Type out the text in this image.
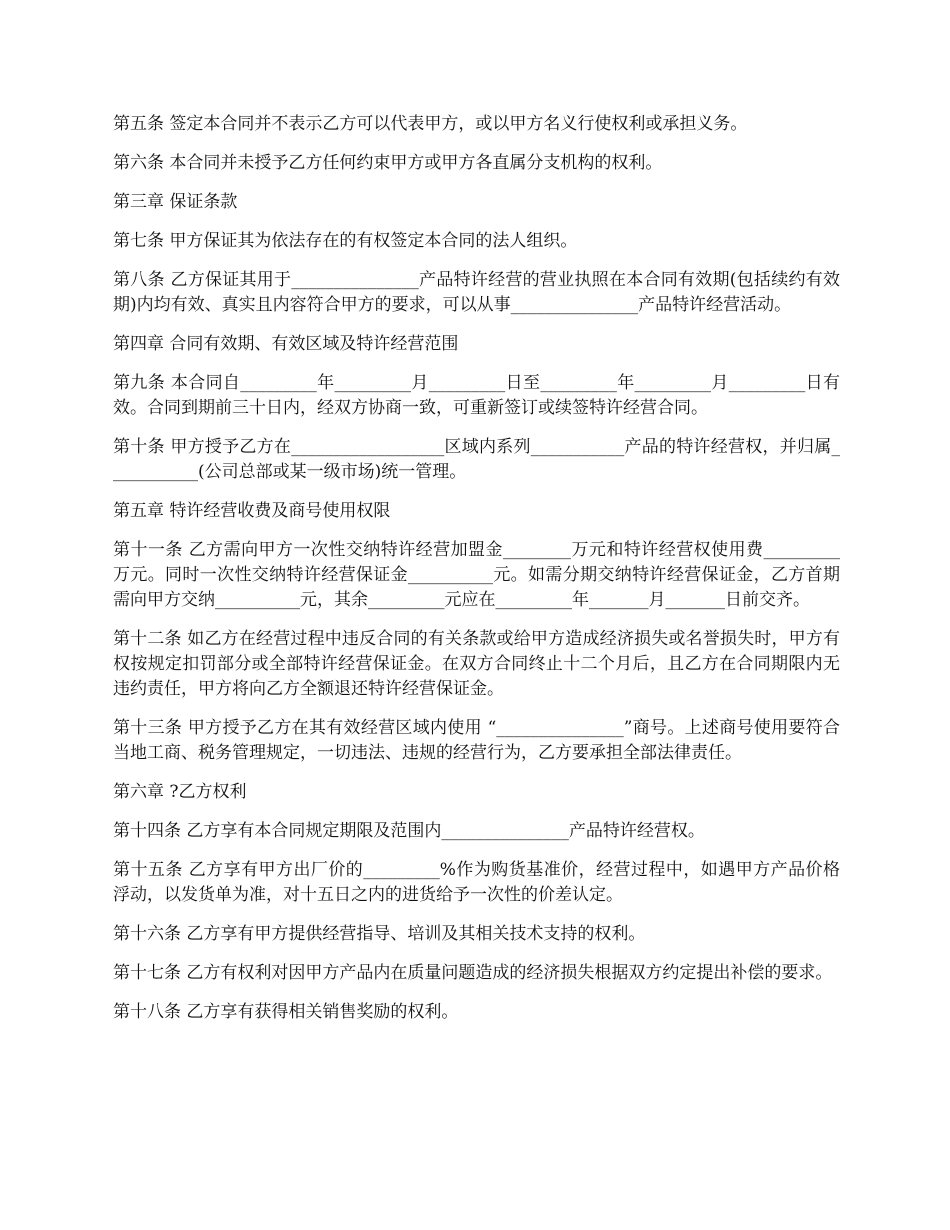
第五条 签定本合同并不表示乙方可以代表甲方，或以甲方名义行使权利或承担义务。

第六条 本合同并未授予乙方任何约束甲方或甲方各直属分支机构的权利。

第三章 保证条款

第七条 甲方保证其为依法存在的有权签定本合同的法人组织。

第八条 乙方保证其用于_______________产品特许经营的营业执照在本合同有效期(包括续约有效期)内均有效、真实且内容符合甲方的要求，可以从事_______________产品特许经营活动。

第四章 合同有效期、有效区域及特许经营范围

第九条 本合同自_________年_________月_________日至_________年_________月_________日有效。合同到期前三十日内，经双方协商一致，可重新签订或续签特许经营合同。

第十条 甲方授予乙方在__________________区域内系列___________产品的特许经营权，并归属___________(公司总部或某一级市场)统一管理。

第五章 特许经营收费及商号使用权限

第十一条 乙方需向甲方一次性交纳特许经营加盟金________万元和特许经营权使用费_________万元。同时一次性交纳特许经营保证金__________元。如需分期交纳特许经营保证金，乙方首期需向甲方交纳__________元，其余_________元应在_________年_______月_______日前交齐。

第十二条 如乙方在经营过程中违反合同的有关条款或给甲方造成经济损失或名誉损失时，甲方有权按规定扣罚部分或全部特许经营保证金。在双方合同终止十二个月后，且乙方在合同期限内无违约责任，甲方将向乙方全额退还特许经营保证金。

第十三条 甲方授予乙方在其有效经营区域内使用 “_______________”商号。上述商号使用要符合当地工商、税务管理规定，一切违法、违规的经营行为，乙方要承担全部法律责任。

第六章 ?乙方权利

第十四条 乙方享有本合同规定期限及范围内_______________产品特许经营权。

第十五条 乙方享有甲方出厂价的_________%作为购货基准价，经营过程中，如遇甲方产品价格浮动，以发货单为准，对十五日之内的进货给予一次性的价差认定。

第十六条 乙方享有甲方提供经营指导、培训及其相关技术支持的权利。

第十七条 乙方有权利对因甲方产品内在质量问题造成的经济损失根据双方约定提出补偿的要求。

第十八条 乙方享有获得相关销售奖励的权利。
